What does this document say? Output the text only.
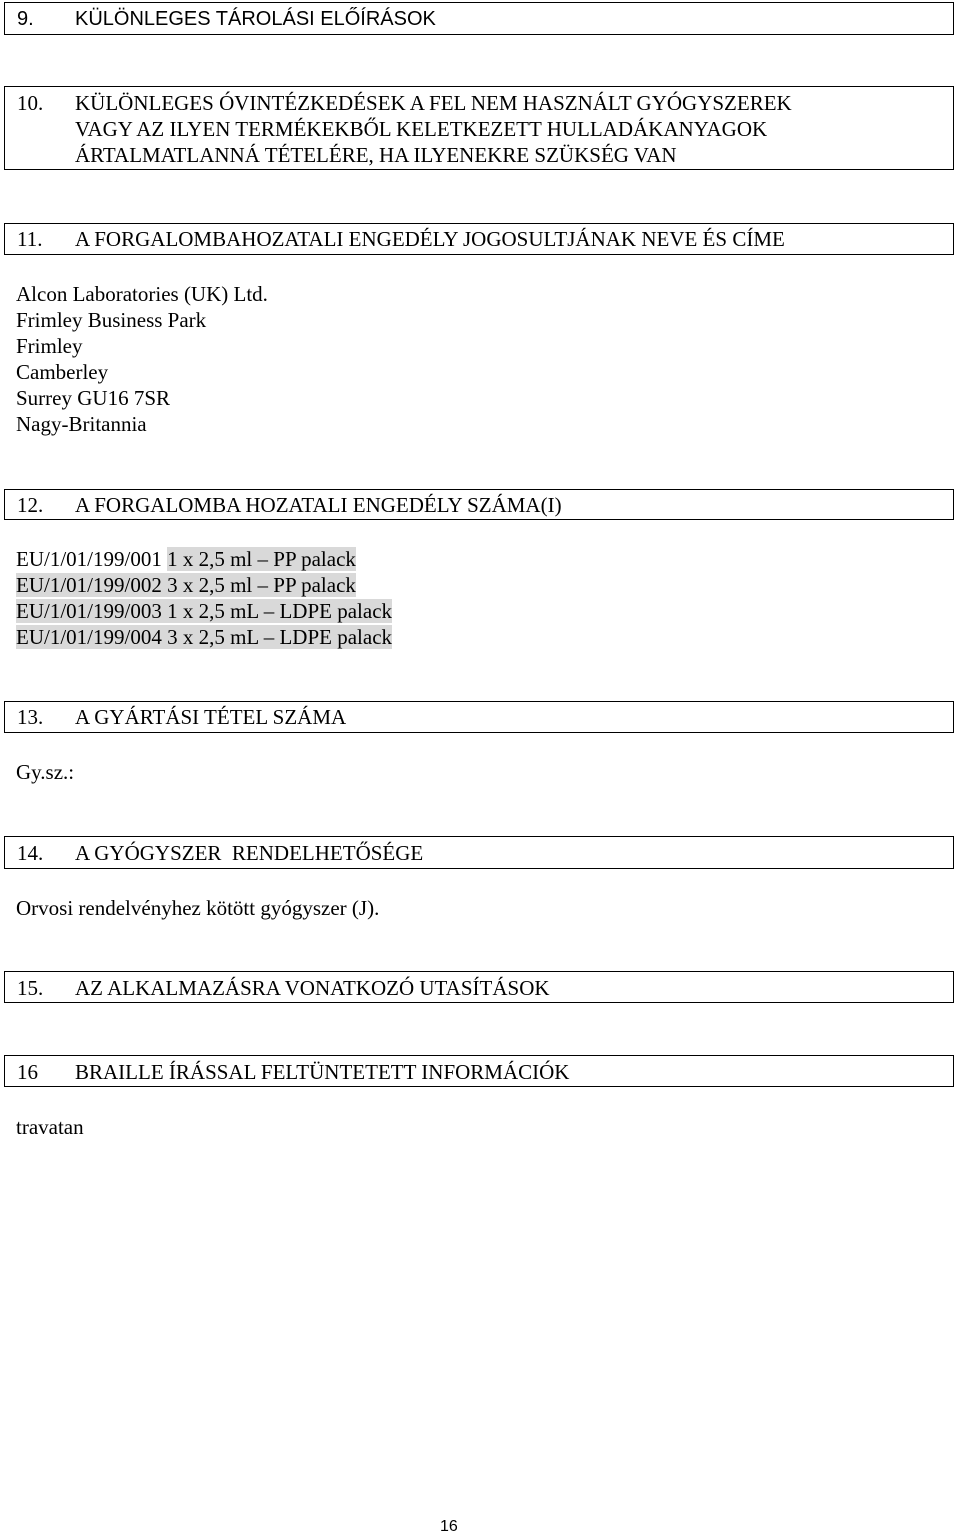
9. KÜLÖNLEGES TÁROLÁSI ELŐÍRÁSOK
10. KÜLÖNLEGES ÓVINTÉZKEDÉSEK A FEL NEM HASZNÁLT GYÓGYSZEREK
VAGY AZ ILYEN TERMÉKEKBŐL KELETKEZETT HULLADÁKANYAGOK
ÁRTALMATLANNÁ TÉTELÉRE, HA ILYENEKRE SZÜKSÉG VAN
11. A FORGALOMBAHOZATALI ENGEDÉLY JOGOSULTJÁNAK NEVE ÉS CÍME
Alcon Laboratories (UK) Ltd.
Frimley Business Park
Frimley
Camberley
Surrey GU16 7SR
Nagy-Britannia
12. A FORGALOMBA HOZATALI ENGEDÉLY SZÁMA(I)
EU/1/01/199/001 1 x 2,5 ml – PP palack
EU/1/01/199/002 3 x 2,5 ml – PP palack
EU/1/01/199/003 1 x 2,5 mL – LDPE palack
EU/1/01/199/004 3 x 2,5 mL – LDPE palack
13. A GYÁRTÁSI TÉTEL SZÁMA
Gy.sz.:
14. A GYÓGYSZER  RENDELHETŐSÉGE
Orvosi rendelvényhez kötött gyógyszer (J).
15. AZ ALKALMAZÁSRA VONATKOZÓ UTASÍTÁSOK
16 BRAILLE ÍRÁSSAL FELTÜNTETETT INFORMÁCIÓK
travatan
16
